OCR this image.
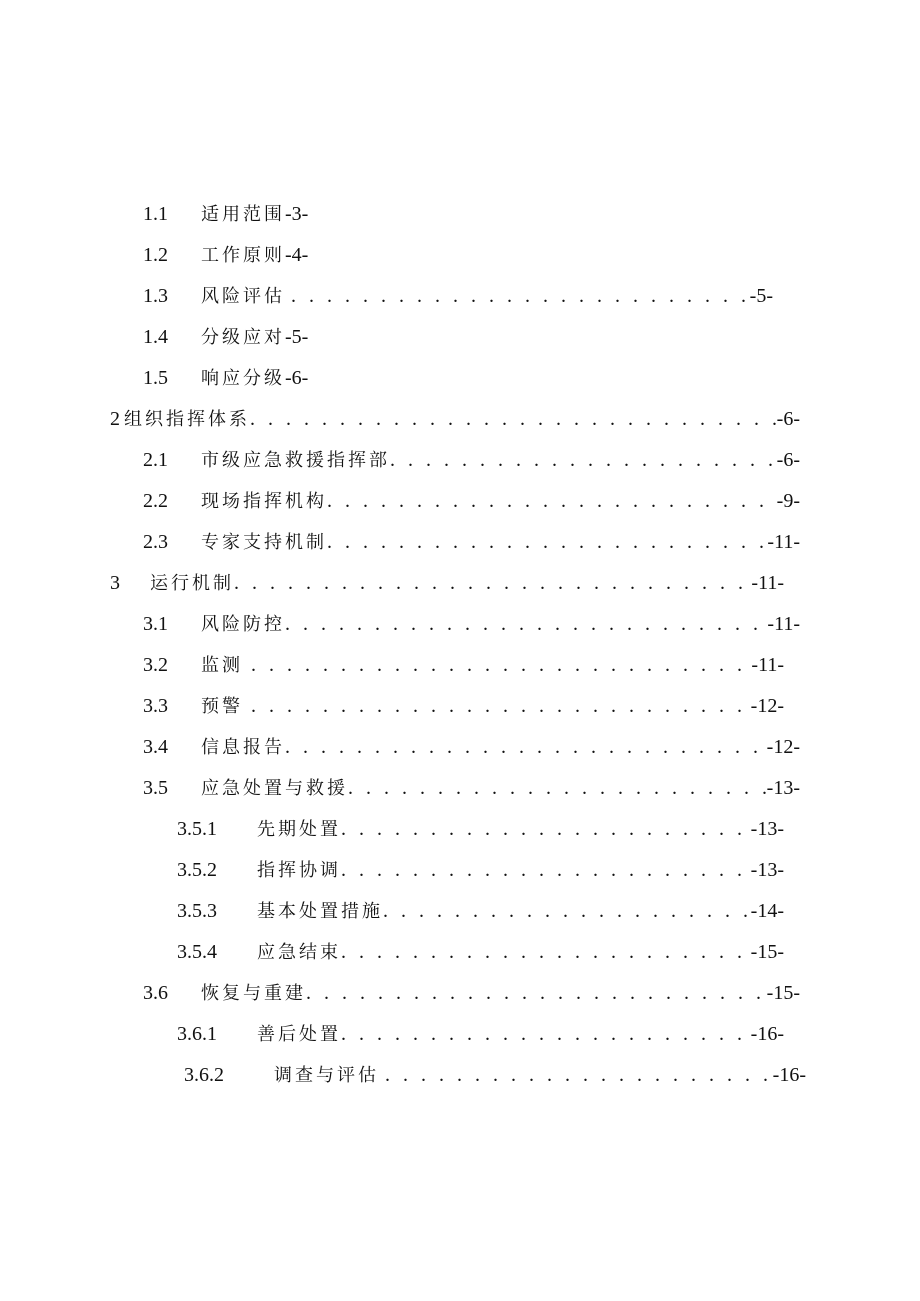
1.1	适用范围 -3-
1.2	工作原则 -4-
1.3	风险评估 . . .	-5-
1.4	分级应对 -5-
1.5	响应分级 -6-
2 组织指挥体系 . . .	-6-
2.1	市级应急救援指挥部 . . .	-6-
2.2	现场指挥机构 . . .	-9-
2.3	专家支持机制 . . .	-11-
3	运行机制 . . .	-11-
3.1	风险防控 . . .	-11-
3.2	监测 . . .	-11-
3.3	预警 . . .	-12-
3.4	信息报告 . . .	-12-
3.5	应急处置与救援 . . .	-13-
3.5.1	先期处置 . . .	-13-
3.5.2	指挥协调 . . .	-13-
3.5.3	基本处置措施 . . .	-14-
3.5.4	应急结束 . . .	-15-
3.6	恢复与重建 . . .	-15-
3.6.1	善后处置 . . .	-16-
3.6.2	调查与评估 . . .	-16-
